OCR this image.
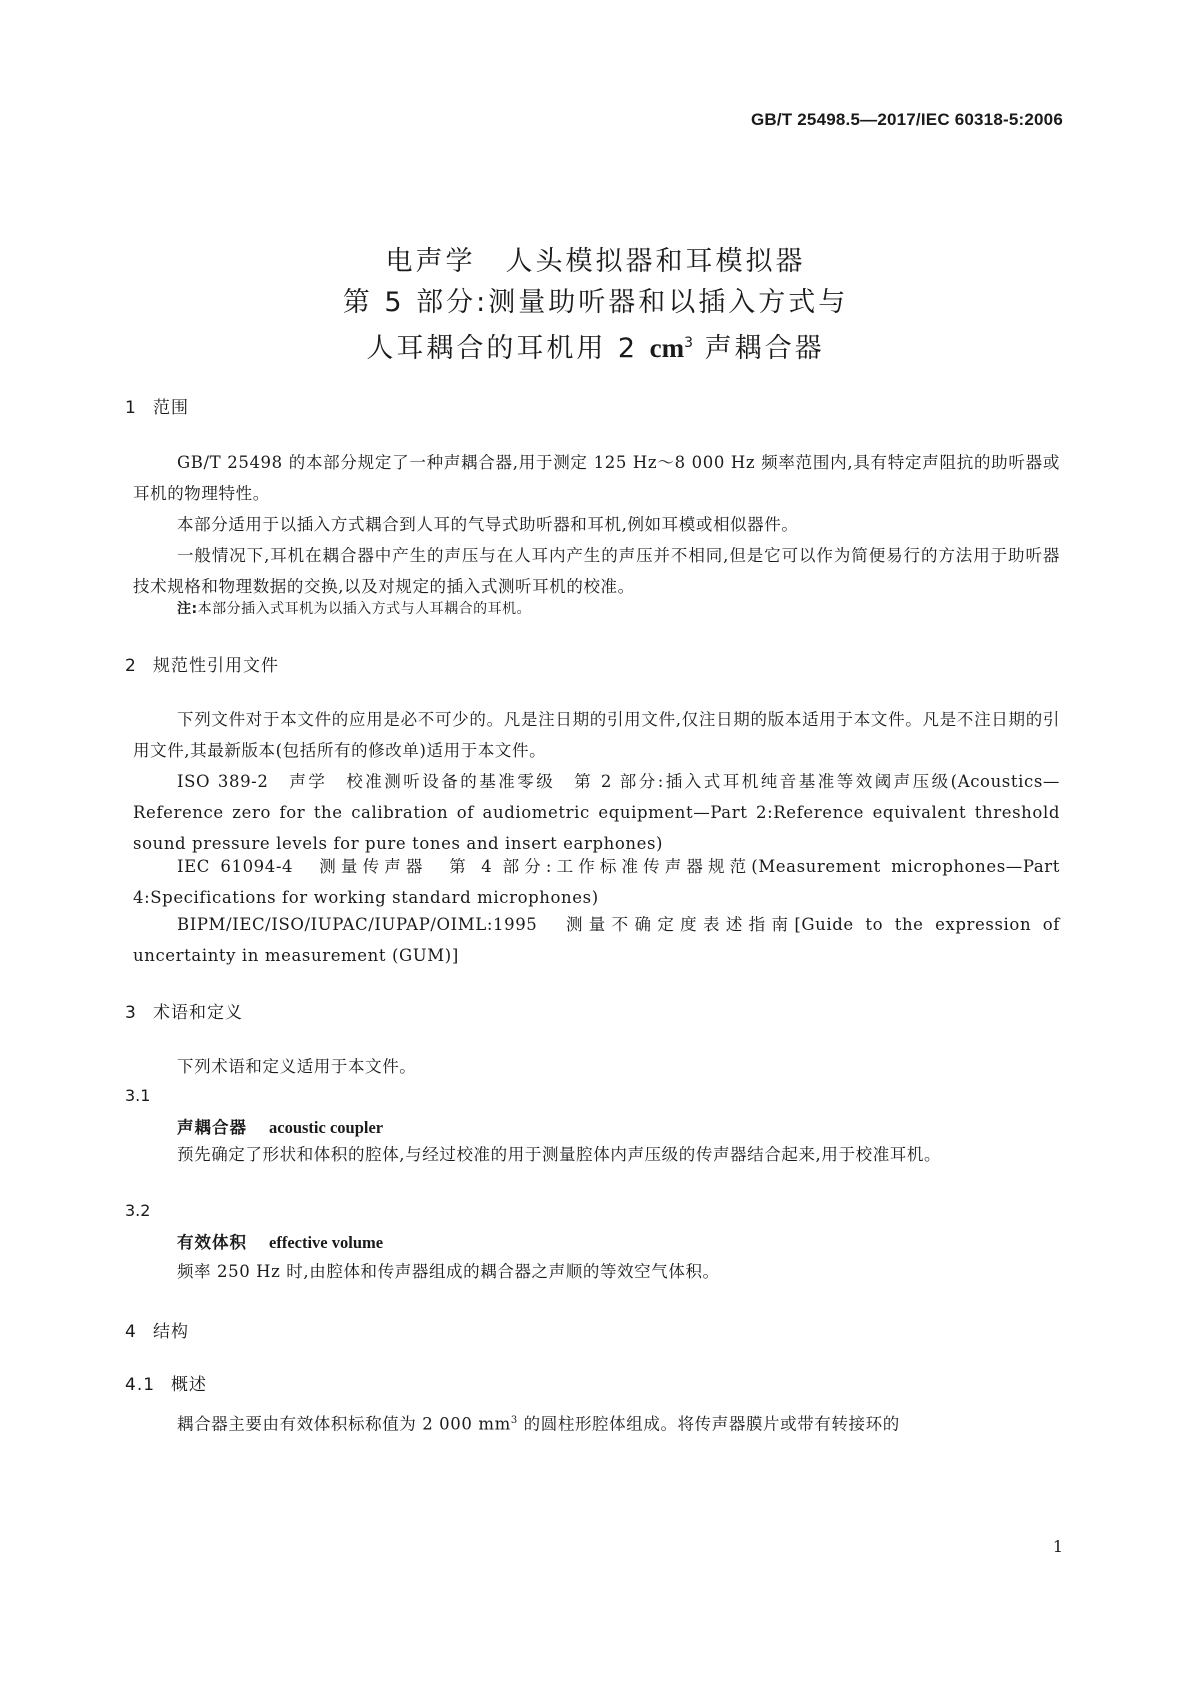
GB/T 25498.5—2017/IEC 60318-5:2006
电声学　人头模拟器和耳模拟器
第 5 部分:测量助听器和以插入方式与
人耳耦合的耳机用 2 $cm^3$ 声耦合器
1 范围
GB/T 25498 的本部分规定了一种声耦合器,用于测定 125 Hz～8 000 Hz 频率范围内,具有特定声阻抗的助听器或耳机的物理特性。
本部分适用于以插入方式耦合到人耳的气导式助听器和耳机,例如耳模或相似器件。
一般情况下,耳机在耦合器中产生的声压与在人耳内产生的声压并不相同,但是它可以作为简便易行的方法用于助听器技术规格和物理数据的交换,以及对规定的插入式测听耳机的校准。
注:本部分插入式耳机为以插入方式与人耳耦合的耳机。
2 规范性引用文件
下列文件对于本文件的应用是必不可少的。凡是注日期的引用文件,仅注日期的版本适用于本文件。凡是不注日期的引用文件,其最新版本(包括所有的修改单)适用于本文件。
ISO 389-2　声学　校准测听设备的基准零级　第 2 部分:插入式耳机纯音基准等效阈声压级(Acoustics—Reference zero for the calibration of audiometric equipment—Part 2:Reference equivalent threshold sound pressure levels for pure tones and insert earphones)
IEC 61094-4　测量传声器　第 4 部分:工作标准传声器规范(Measurement microphones—Part 4:Specifications for working standard microphones)
BIPM/IEC/ISO/IUPAC/IUPAP/OIML:1995　测量不确定度表述指南[Guide to the expression of uncertainty in measurement (GUM)]
3 术语和定义
下列术语和定义适用于本文件。
3.1
声耦合器 acoustic coupler
预先确定了形状和体积的腔体,与经过校准的用于测量腔体内声压级的传声器结合起来,用于校准耳机。
3.2
有效体积 effective volume
频率 250 Hz 时,由腔体和传声器组成的耦合器之声顺的等效空气体积。
4 结构
4.1 概述
耦合器主要由有效体积标称值为 2 000 $mm^3$ 的圆柱形腔体组成。将传声器膜片或带有转接环的
1
